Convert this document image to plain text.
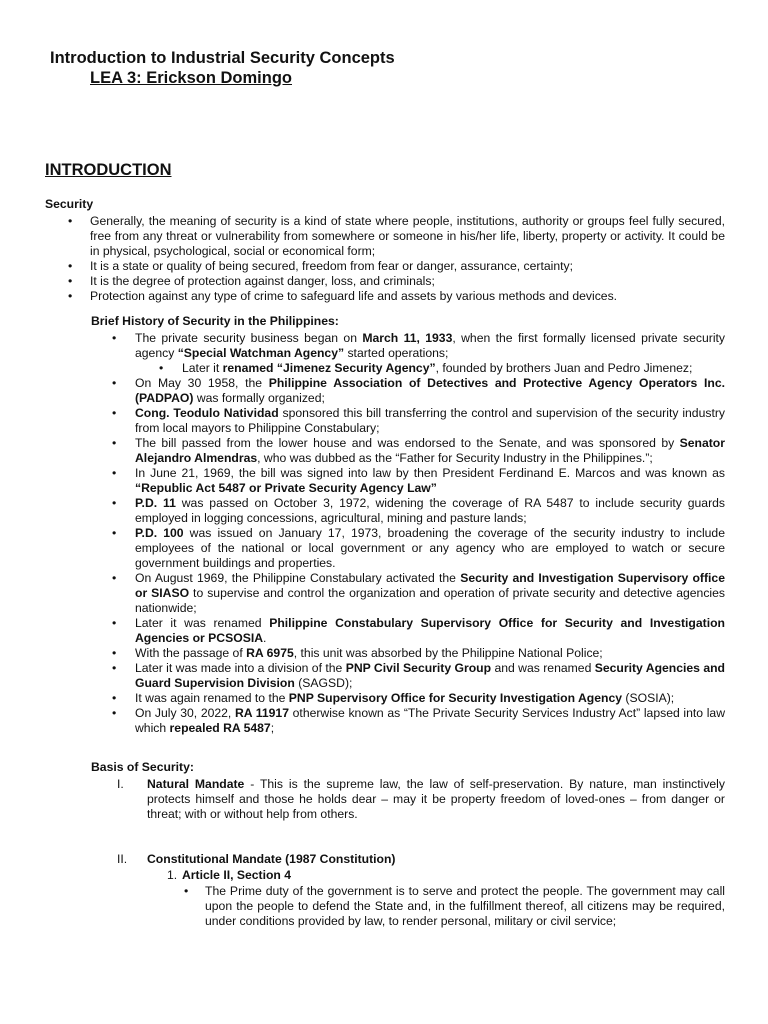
Introduction to Industrial Security Concepts
LEA 3: Erickson Domingo
INTRODUCTION

Security

• Generally, the meaning of security is a kind of state where people, institutions, authority or groups feel fully secured, free from any threat or vulnerability from somewhere or someone in his/her life, liberty, property or activity. It could be in physical, psychological, social or economical form;
• It is a state or quality of being secured, freedom from fear or danger, assurance, certainty;
• It is the degree of protection against danger, loss, and criminals;
• Protection against any type of crime to safeguard life and assets by various methods and devices.

Brief History of Security in the Philippines:

• The private security business began on March 11, 1933, when the first formally licensed private security agency “Special Watchman Agency” started operations;
• Later it renamed “Jimenez Security Agency”, founded by brothers Juan and Pedro Jimenez;
• On May 30 1958, the Philippine Association of Detectives and Protective Agency Operators Inc. (PADPAO) was formally organized;
• Cong. Teodulo Natividad sponsored this bill transferring the control and supervision of the security industry from local mayors to Philippine Constabulary;
• The bill passed from the lower house and was endorsed to the Senate, and was sponsored by Senator Alejandro Almendras, who was dubbed as the “Father for Security Industry in the Philippines.”;
• In June 21, 1969, the bill was signed into law by then President Ferdinand E. Marcos and was known as “Republic Act 5487 or Private Security Agency Law”
• P.D. 11 was passed on October 3, 1972, widening the coverage of RA 5487 to include security guards employed in logging concessions, agricultural, mining and pasture lands;
• P.D. 100 was issued on January 17, 1973, broadening the coverage of the security industry to include employees of the national or local government or any agency who are employed to watch or secure government buildings and properties.
• On August 1969, the Philippine Constabulary activated the Security and Investigation Supervisory office or SIASO to supervise and control the organization and operation of private security and detective agencies nationwide;
• Later it was renamed Philippine Constabulary Supervisory Office for Security and Investigation Agencies or PCSOSIA.
• With the passage of RA 6975, this unit was absorbed by the Philippine National Police;
• Later it was made into a division of the PNP Civil Security Group and was renamed Security Agencies and Guard Supervision Division (SAGSD);
• It was again renamed to the PNP Supervisory Office for Security Investigation Agency (SOSIA);
• On July 30, 2022, RA 11917 otherwise known as “The Private Security Services Industry Act” lapsed into law which repealed RA 5487;

Basis of Security:

I. Natural Mandate - This is the supreme law, the law of self-preservation. By nature, man instinctively protects himself and those he holds dear – may it be property freedom of loved-ones – from danger or threat; with or without help from others.
II. Constitutional Mandate (1987 Constitution)
1. Article II, Section 4
• The Prime duty of the government is to serve and protect the people. The government may call upon the people to defend the State and, in the fulfillment thereof, all citizens may be required, under conditions provided by law, to render personal, military or civil service;
